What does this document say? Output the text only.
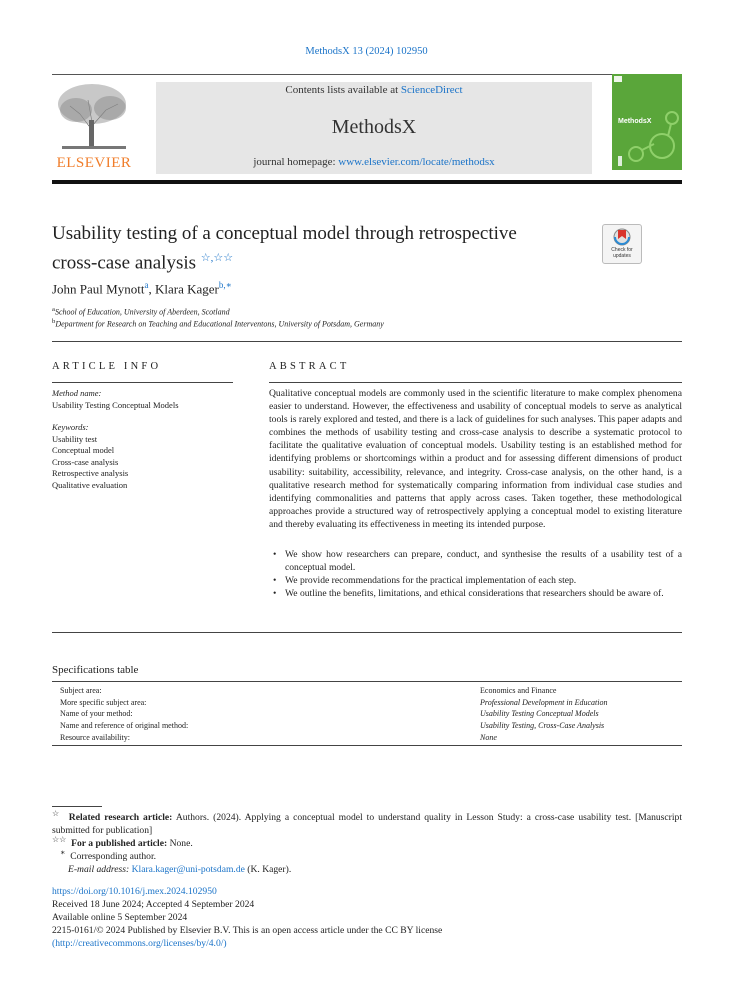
MethodsX 13 (2024) 102950
ELSEVIER
Contents lists available at ScienceDirect
MethodsX
journal homepage: www.elsevier.com/locate/methodsx
MethodsX
Usability testing of a conceptual model through retrospective
cross-case analysis ☆,☆☆
Check for
updates
John Paul Mynott$^a$, Klara Kager$^{b,∗}$
$^a$School of Education, University of Aberdeen, Scotland
$^b$Department for Research on Teaching and Educational Interventons, University of Potsdam, Germany
ARTICLE INFO
Method name:
Usability Testing Conceptual Models
Keywords:
Usability test
Conceptual model
Cross-case analysis
Retrospective analysis
Qualitative evaluation
ABSTRACT
Qualitative conceptual models are commonly used in the scientific literature to make complex phenomena easier to understand. However, the effectiveness and usability of conceptual models to serve as analytical tools is rarely explored and tested, and there is a lack of guidelines for such analyses. This paper adapts and combines the methods of usability testing and cross-case analysis to describe a systematic protocol to facilitate the qualitative evaluation of conceptual models. Usability testing is an established method for identifying problems or shortcomings within a product and for assessing different dimensions of product usability: suitability, accessibility, relevance, and integrity. Cross-case analysis, on the other hand, is a qualitative research method for systematically comparing information from individual case studies and identifying commonalities and patterns that apply across cases. Taken together, these methodological approaches provide a structured way of retrospectively applying a conceptual model to existing literature and thereby evaluating its effectiveness in meeting its intended purpose.
• We show how researchers can prepare, conduct, and synthesise the results of a usability test of a conceptual model.
• We provide recommendations for the practical implementation of each step.
• We outline the benefits, limitations, and ethical considerations that researchers should be aware of.
Specifications table
Subject area:
More specific subject area:
Name of your method:
Name and reference of original method:
Resource availability:
Economics and Finance
Professional Development in Education
Usability Testing Conceptual Models
Usability Testing, Cross-Case Analysis
None
☆ Related research article: Authors. (2024). Applying a conceptual model to understand quality in Lesson Study: a cross-case usability test. [Manuscript submitted for publication]
☆☆ For a published article: None.
∗ Corresponding author.
E-mail address: Klara.kager@uni-potsdam.de (K. Kager).
https://doi.org/10.1016/j.mex.2024.102950
Received 18 June 2024; Accepted 4 September 2024
Available online 5 September 2024
2215-0161/© 2024 Published by Elsevier B.V. This is an open access article under the CC BY license
(http://creativecommons.org/licenses/by/4.0/)
